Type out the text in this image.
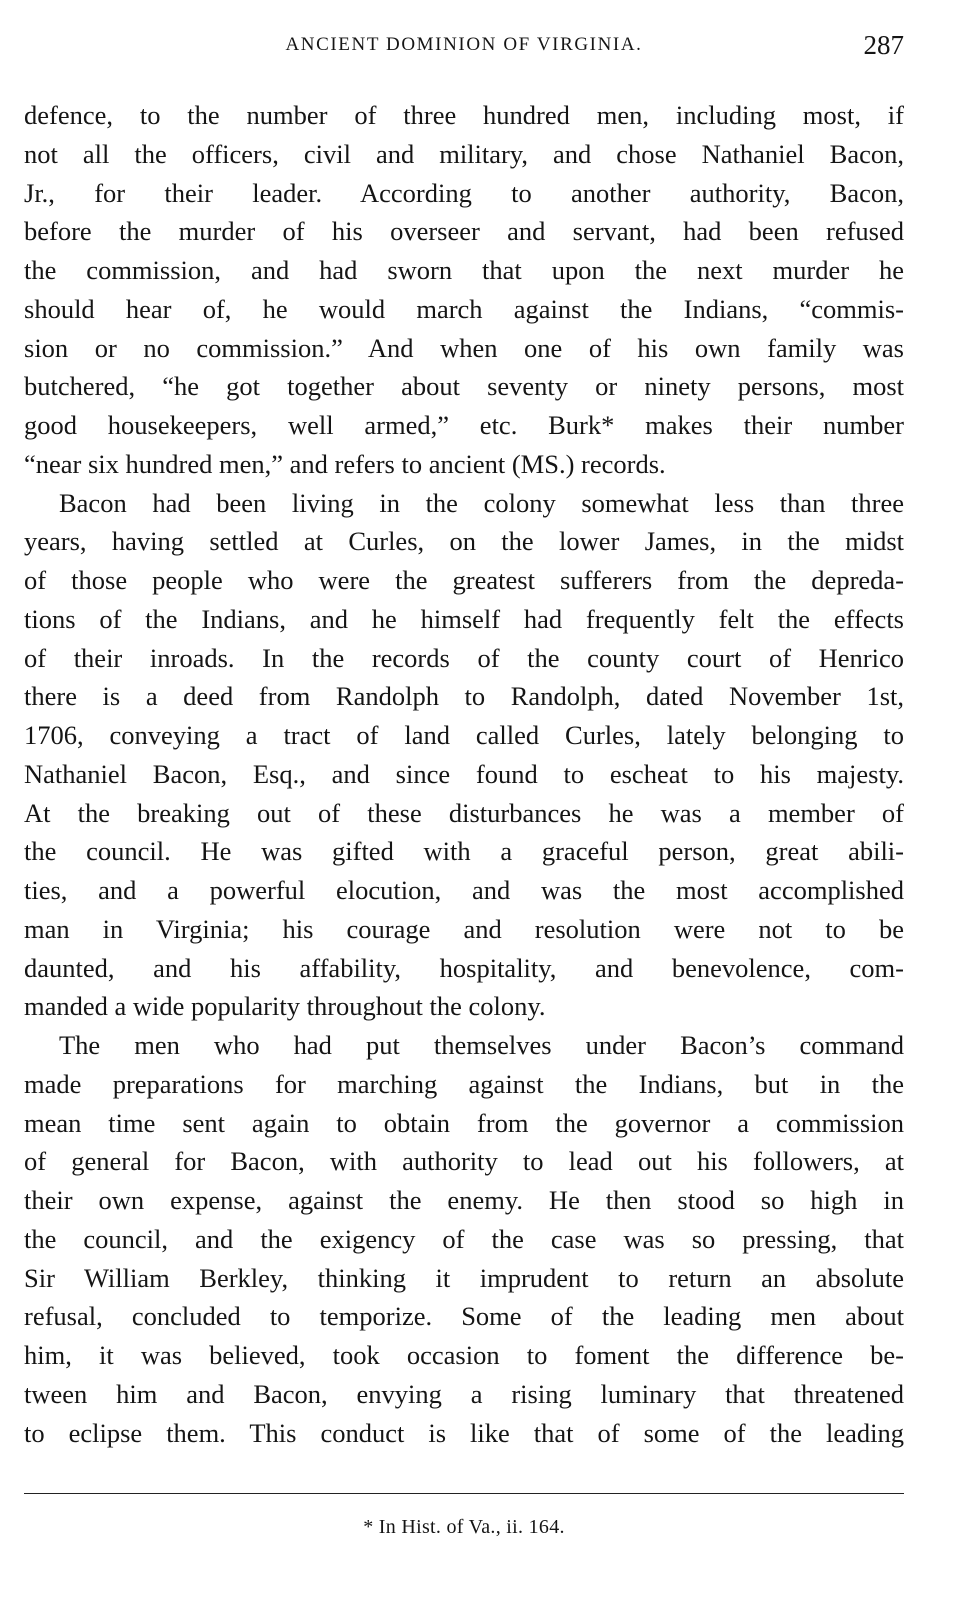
ANCIENT DOMINION OF VIRGINIA.	287
defence, to the number of three hundred men, including most, if
not all the officers, civil and military, and chose Nathaniel Bacon,
Jr., for their leader. According to another authority, Bacon,
before the murder of his overseer and servant, had been refused
the commission, and had sworn that upon the next murder he
should hear of, he would march against the Indians, “commis-
sion or no commission.” And when one of his own family was
butchered, “he got together about seventy or ninety persons, most
good housekeepers, well armed,” etc. Burk* makes their number
“near six hundred men,” and refers to ancient (MS.) records.
Bacon had been living in the colony somewhat less than three
years, having settled at Curles, on the lower James, in the midst
of those people who were the greatest sufferers from the depreda-
tions of the Indians, and he himself had frequently felt the effects
of their inroads. In the records of the county court of Henrico
there is a deed from Randolph to Randolph, dated November 1st,
1706, conveying a tract of land called Curles, lately belonging to
Nathaniel Bacon, Esq., and since found to escheat to his majesty.
At the breaking out of these disturbances he was a member of
the council. He was gifted with a graceful person, great abili-
ties, and a powerful elocution, and was the most accomplished
man in Virginia; his courage and resolution were not to be
daunted, and his affability, hospitality, and benevolence, com-
manded a wide popularity throughout the colony.
The men who had put themselves under Bacon’s command
made preparations for marching against the Indians, but in the
mean time sent again to obtain from the governor a commission
of general for Bacon, with authority to lead out his followers, at
their own expense, against the enemy. He then stood so high in
the council, and the exigency of the case was so pressing, that
Sir William Berkley, thinking it imprudent to return an absolute
refusal, concluded to temporize. Some of the leading men about
him, it was believed, took occasion to foment the difference be-
tween him and Bacon, envying a rising luminary that threatened
to eclipse them. This conduct is like that of some of the leading
* In Hist. of Va., ii. 164.
